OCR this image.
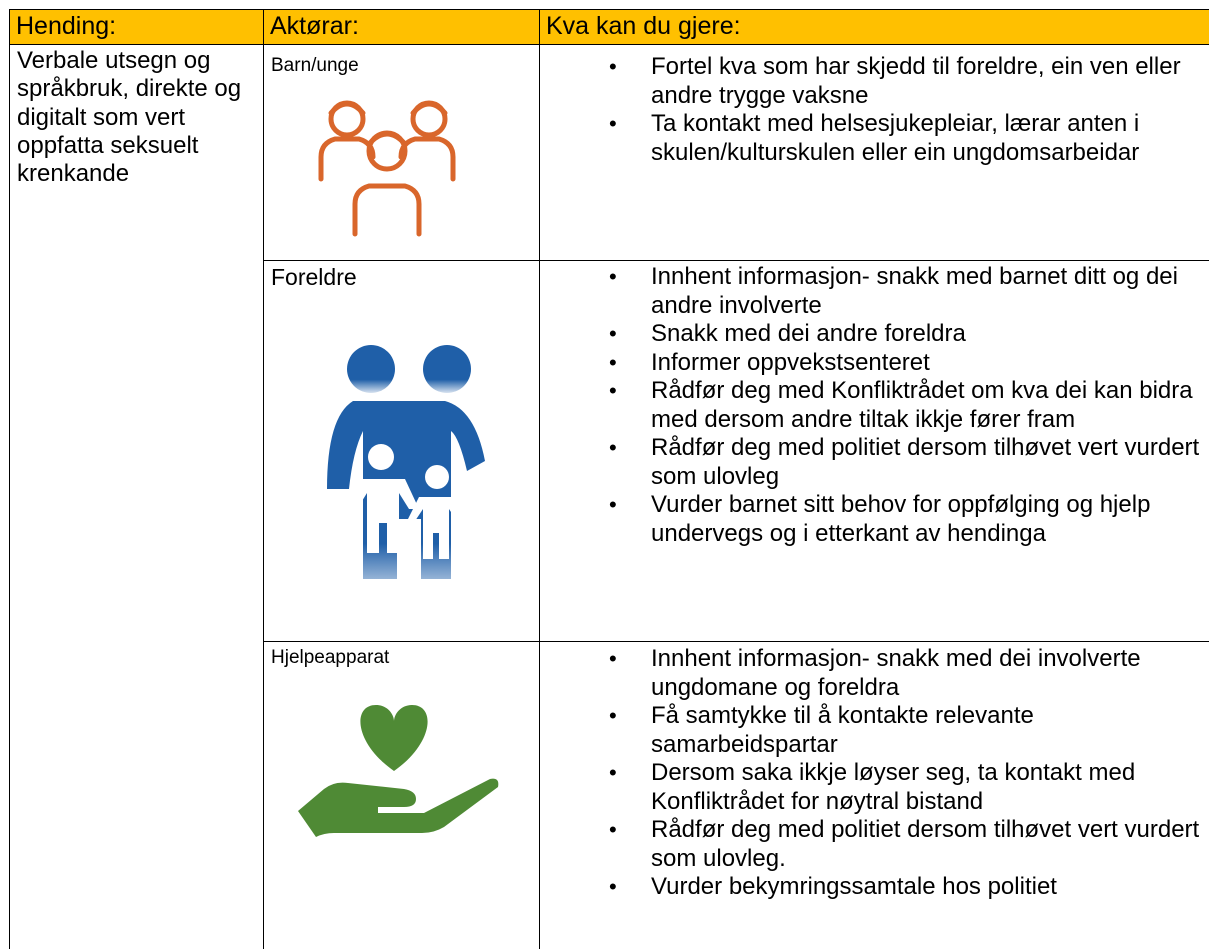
Hending:	Aktørar:	Kva kan du gjere:
Verbale utsegn og språkbruk, direkte og digitalt som vert oppfatta seksuelt krenkande
Barn/unge	• Fortel kva som har skjedd til foreldre, ein ven eller andre trygge vaksne
• Ta kontakt med helsesjukepleiar, lærar anten i skulen/kulturskulen eller ein ungdomsarbeidar
Foreldre	• Innhent informasjon- snakk med barnet ditt og dei andre involverte
• Snakk med dei andre foreldra
• Informer oppvekstsenteret
• Rådfør deg med Konfliktrådet om kva dei kan bidra med dersom andre tiltak ikkje fører fram
• Rådfør deg med politiet dersom tilhøvet vert vurdert som ulovleg
• Vurder barnet sitt behov for oppfølging og hjelp undervegs og i etterkant av hendinga
Hjelpeapparat	• Innhent informasjon- snakk med dei involverte ungdomane og foreldra
• Få samtykke til å kontakte relevante samarbeidspartar
• Dersom saka ikkje løyser seg, ta kontakt med Konfliktrådet for nøytral bistand
• Rådfør deg med politiet dersom tilhøvet vert vurdert som ulovleg.
• Vurder bekymringssamtale hos politiet
